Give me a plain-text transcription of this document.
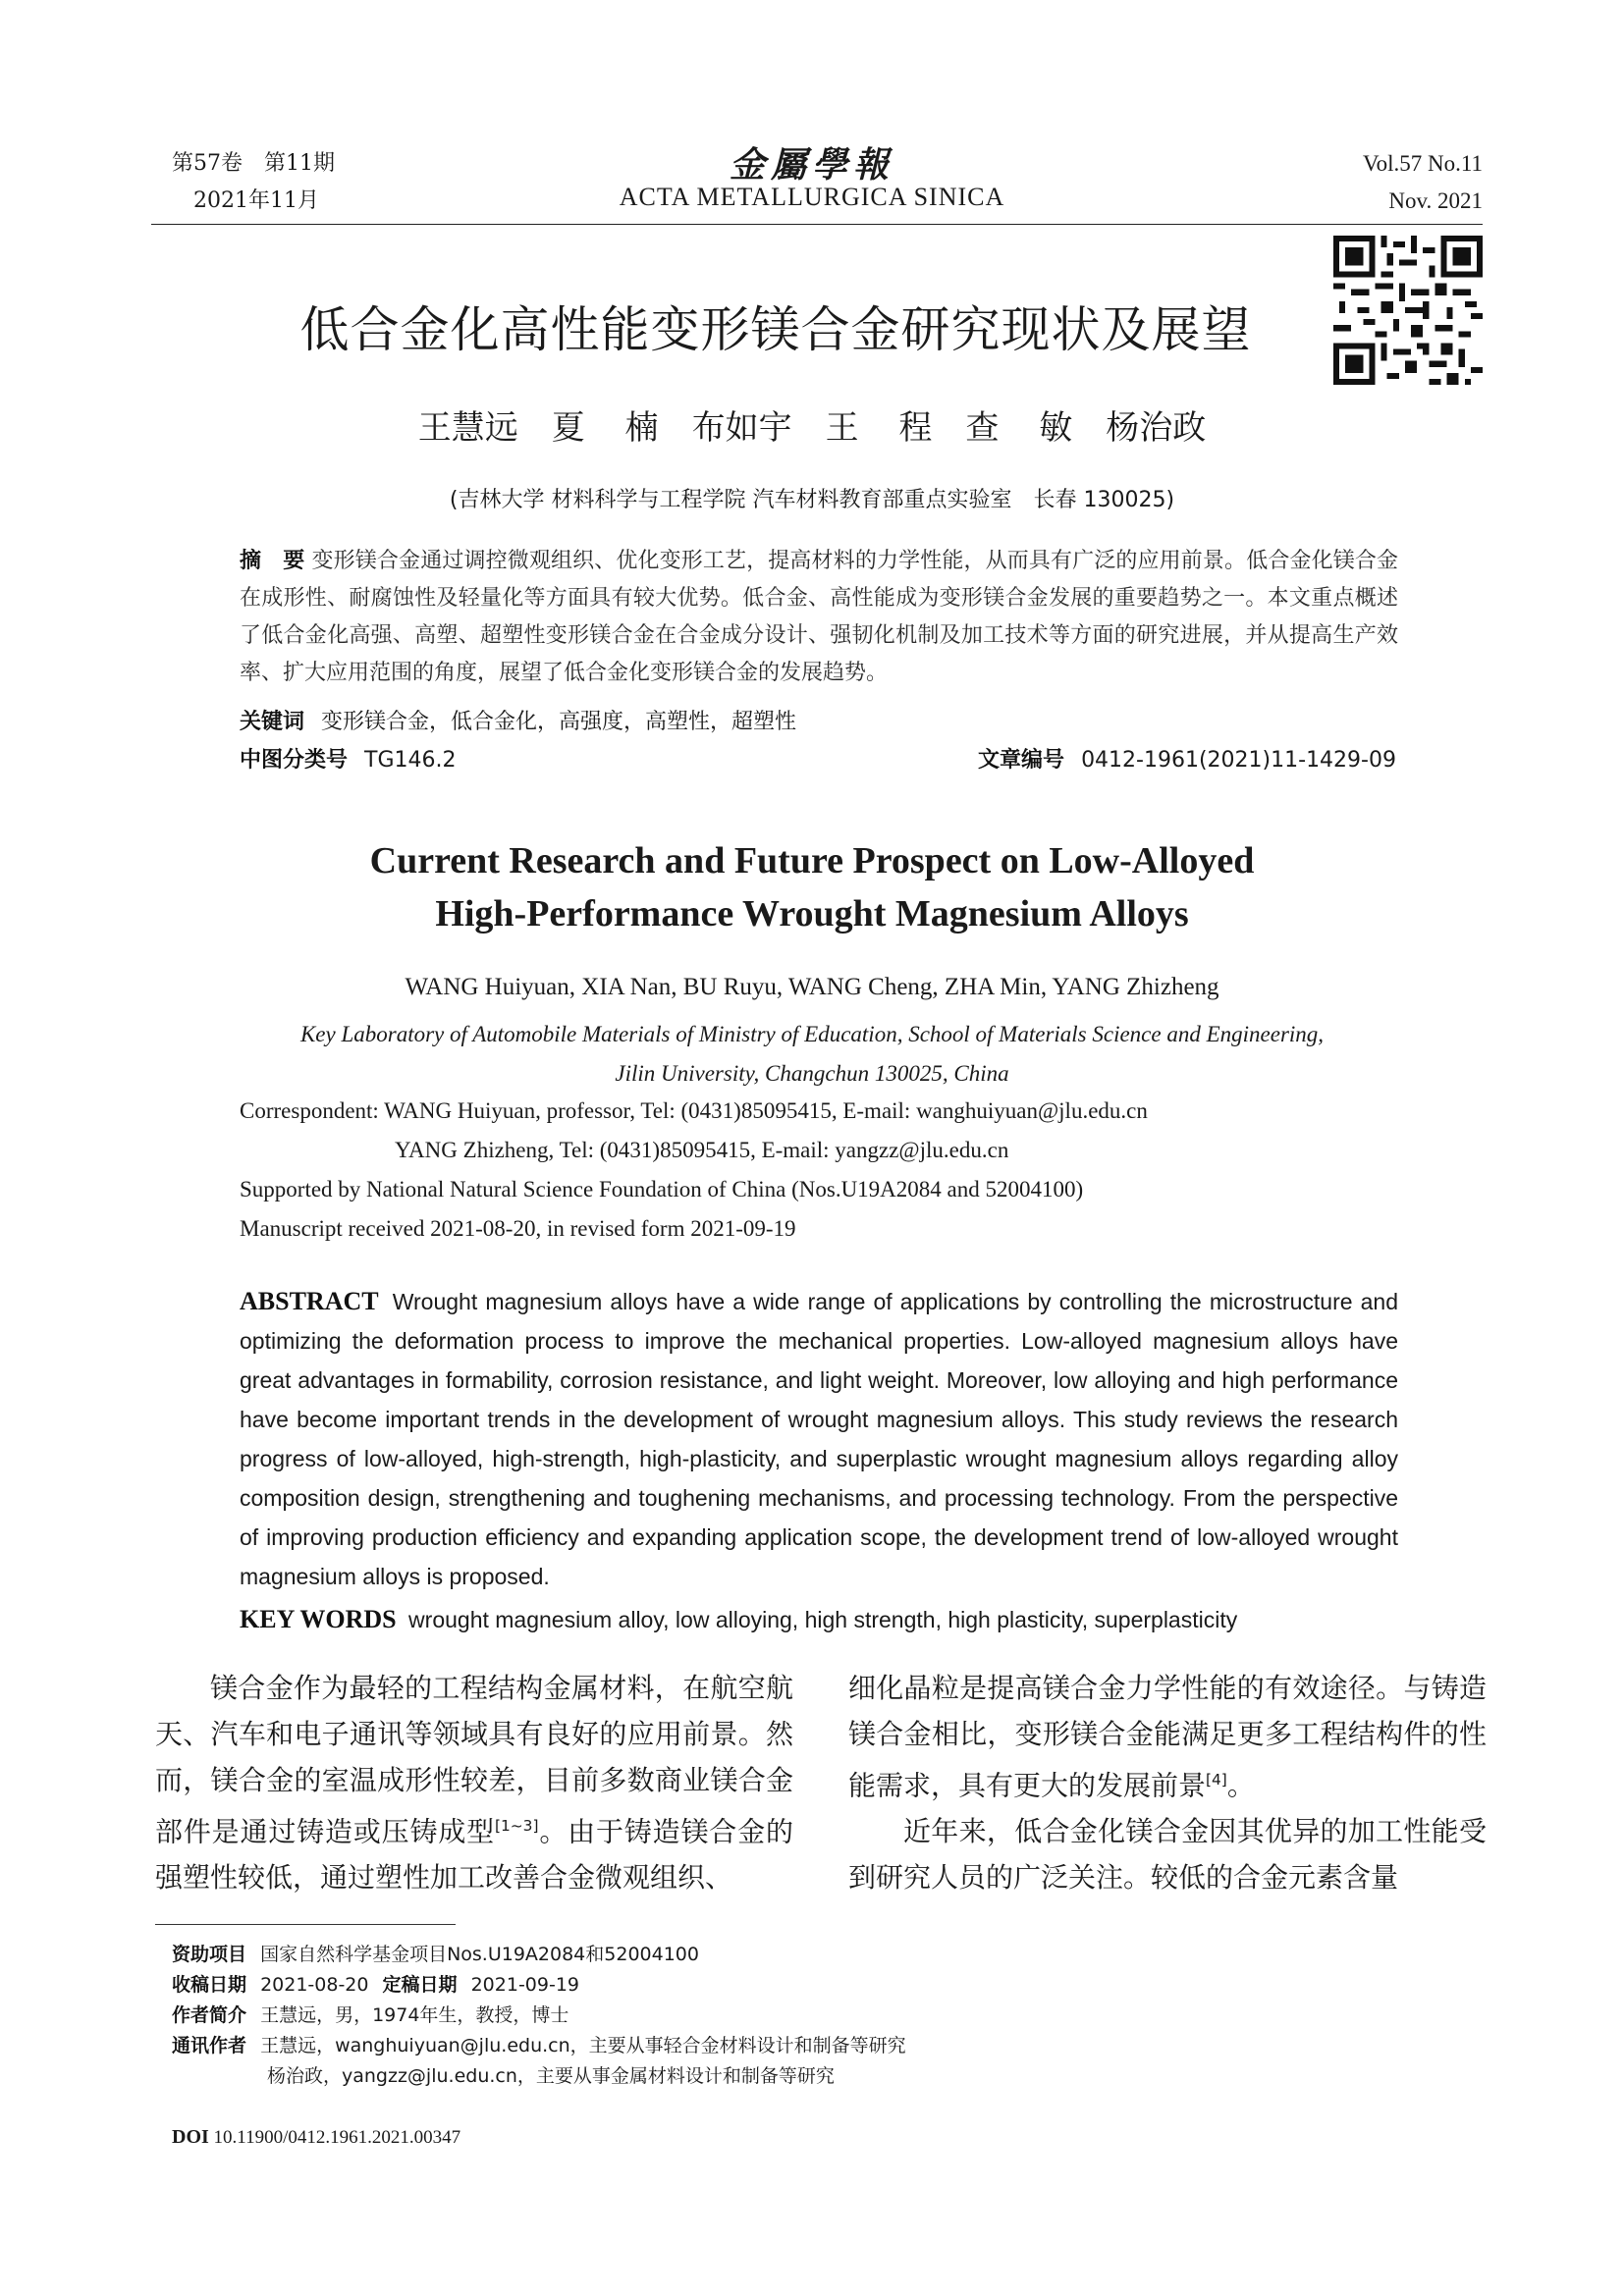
第57卷　第11期
2021年11月
金屬學報
ACTA METALLURGICA SINICA
Vol.57 No.11
Nov. 2021
低合金化高性能变形镁合金研究现状及展望
王慧远　夏 楠　布如宇　王 程　查 敏　杨治政
(吉林大学 材料科学与工程学院 汽车材料教育部重点实验室　长春 130025)
摘　要 变形镁合金通过调控微观组织、优化变形工艺，提高材料的力学性能，从而具有广泛的应用前景。低合金化镁合金在成形性、耐腐蚀性及轻量化等方面具有较大优势。低合金、高性能成为变形镁合金发展的重要趋势之一。本文重点概述了低合金化高强、高塑、超塑性变形镁合金在合金成分设计、强韧化机制及加工技术等方面的研究进展，并从提高生产效率、扩大应用范围的角度，展望了低合金化变形镁合金的发展趋势。
关键词 变形镁合金，低合金化，高强度，高塑性，超塑性
中图分类号 TG146.2	文章编号 0412-1961(2021)11-1429-09
Current Research and Future Prospect on Low-Alloyed
High-Performance Wrought Magnesium Alloys
WANG Huiyuan, XIA Nan, BU Ruyu, WANG Cheng, ZHA Min, YANG Zhizheng
Key Laboratory of Automobile Materials of Ministry of Education, School of Materials Science and Engineering,
Jilin University, Changchun 130025, China
Correspondent: WANG Huiyuan, professor, Tel: (0431)85095415, E-mail: wanghuiyuan@jlu.edu.cn
YANG Zhizheng, Tel: (0431)85095415, E-mail: yangzz@jlu.edu.cn
Supported by National Natural Science Foundation of China (Nos.U19A2084 and 52004100)
Manuscript received 2021-08-20, in revised form 2021-09-19
ABSTRACT Wrought magnesium alloys have a wide range of applications by controlling the microstructure and optimizing the deformation process to improve the mechanical properties. Low-alloyed magnesium alloys have great advantages in formability, corrosion resistance, and light weight. Moreover, low alloying and high performance have become important trends in the development of wrought magnesium alloys. This study reviews the research progress of low-alloyed, high-strength, high-plasticity, and superplastic wrought magnesium alloys regarding alloy composition design, strengthening and toughening mechanisms, and processing technology. From the perspective of improving production efficiency and expanding application scope, the development trend of low-alloyed wrought magnesium alloys is proposed.
KEY WORDS wrought magnesium alloy, low alloying, high strength, high plasticity, superplasticity

镁合金作为最轻的工程结构金属材料，在航空航天、汽车和电子通讯等领域具有良好的应用前景。然而，镁合金的室温成形性较差，目前多数商业镁合金部件是通过铸造或压铸成型[1~3]。由于铸造镁合金的强塑性较低，通过塑性加工改善合金微观组织、

细化晶粒是提高镁合金力学性能的有效途径。与铸造镁合金相比，变形镁合金能满足更多工程结构件的性能需求，具有更大的发展前景[4]。

近年来，低合金化镁合金因其优异的加工性能受到研究人员的广泛关注。较低的合金元素含量

资助项目 国家自然科学基金项目Nos.U19A2084和52004100
收稿日期 2021-08-20 定稿日期 2021-09-19
作者简介 王慧远，男，1974年生，教授，博士
通讯作者 王慧远，wanghuiyuan@jlu.edu.cn，主要从事轻合金材料设计和制备等研究
杨治政，yangzz@jlu.edu.cn，主要从事金属材料设计和制备等研究
DOI 10.11900/0412.1961.2021.00347
